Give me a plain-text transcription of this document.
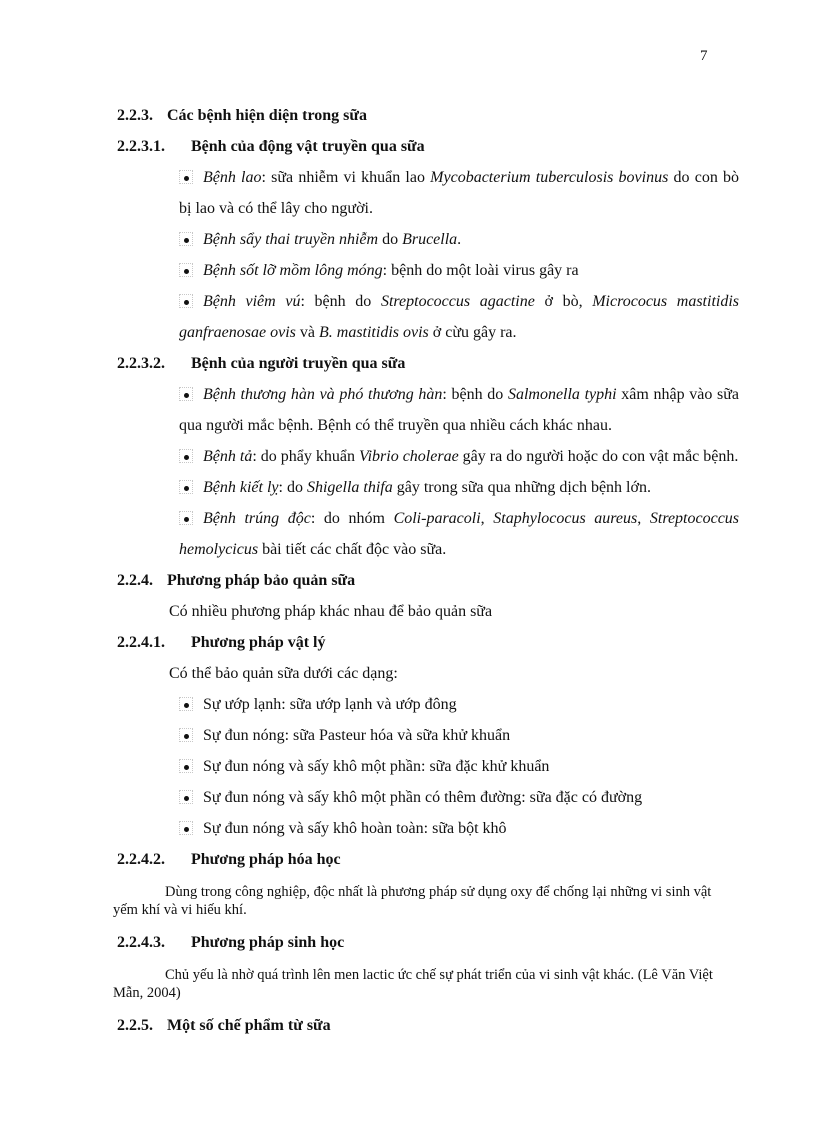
7
2.2.3. Các bệnh hiện diện trong sữa
2.2.3.1. Bệnh của động vật truyền qua sữa
Bệnh lao: sữa nhiễm vi khuẩn lao Mycobacterium tuberculosis bovinus do con bò bị lao và có thể lây cho người.
Bệnh sẩy thai truyền nhiễm do Brucella.
Bệnh sốt lỡ mồm lông móng: bệnh do một loài virus gây ra
Bệnh viêm vú: bệnh do Streptococcus agactine ở bò, Micrococus mastitidis ganfraenosae ovis và B. mastitidis ovis ở cừu gây ra.
2.2.3.2. Bệnh của người truyền qua sữa
Bệnh thương hàn và phó thương hàn: bệnh do Salmonella typhi xâm nhập vào sữa qua người mắc bệnh. Bệnh có thể truyền qua nhiều cách khác nhau.
Bệnh tả: do phẩy khuẩn Vibrio cholerae gây ra do người hoặc do con vật mắc bệnh.
Bệnh kiết lỵ: do Shigella thifa gây trong sữa qua những dịch bệnh lớn.
Bệnh trúng độc: do nhóm Coli-paracoli, Staphylococus aureus, Streptococcus hemolycicus bài tiết các chất độc vào sữa.
2.2.4. Phương pháp bảo quản sữa
Có nhiều phương pháp khác nhau để bảo quản sữa
2.2.4.1. Phương pháp vật lý
Có thể bảo quản sữa dưới các dạng:
Sự ướp lạnh: sữa ướp lạnh và ướp đông
Sự đun nóng: sữa Pasteur hóa và sữa khử khuẩn
Sự đun nóng và sấy khô một phần: sữa đặc khử khuẩn
Sự đun nóng và sấy khô một phần có thêm đường: sữa đặc có đường
Sự đun nóng và sấy khô hoàn toàn: sữa bột khô
2.2.4.2. Phương pháp hóa học
Dùng trong công nghiệp, độc nhất là phương pháp sử dụng oxy để chống lại những vi sinh vật yếm khí và vi hiếu khí.
2.2.4.3. Phương pháp sinh học
Chủ yếu là nhờ quá trình lên men lactic ức chế sự phát triển của vi sinh vật khác. (Lê Văn Việt Mẫn, 2004)
2.2.5. Một số chế phẩm từ sữa
